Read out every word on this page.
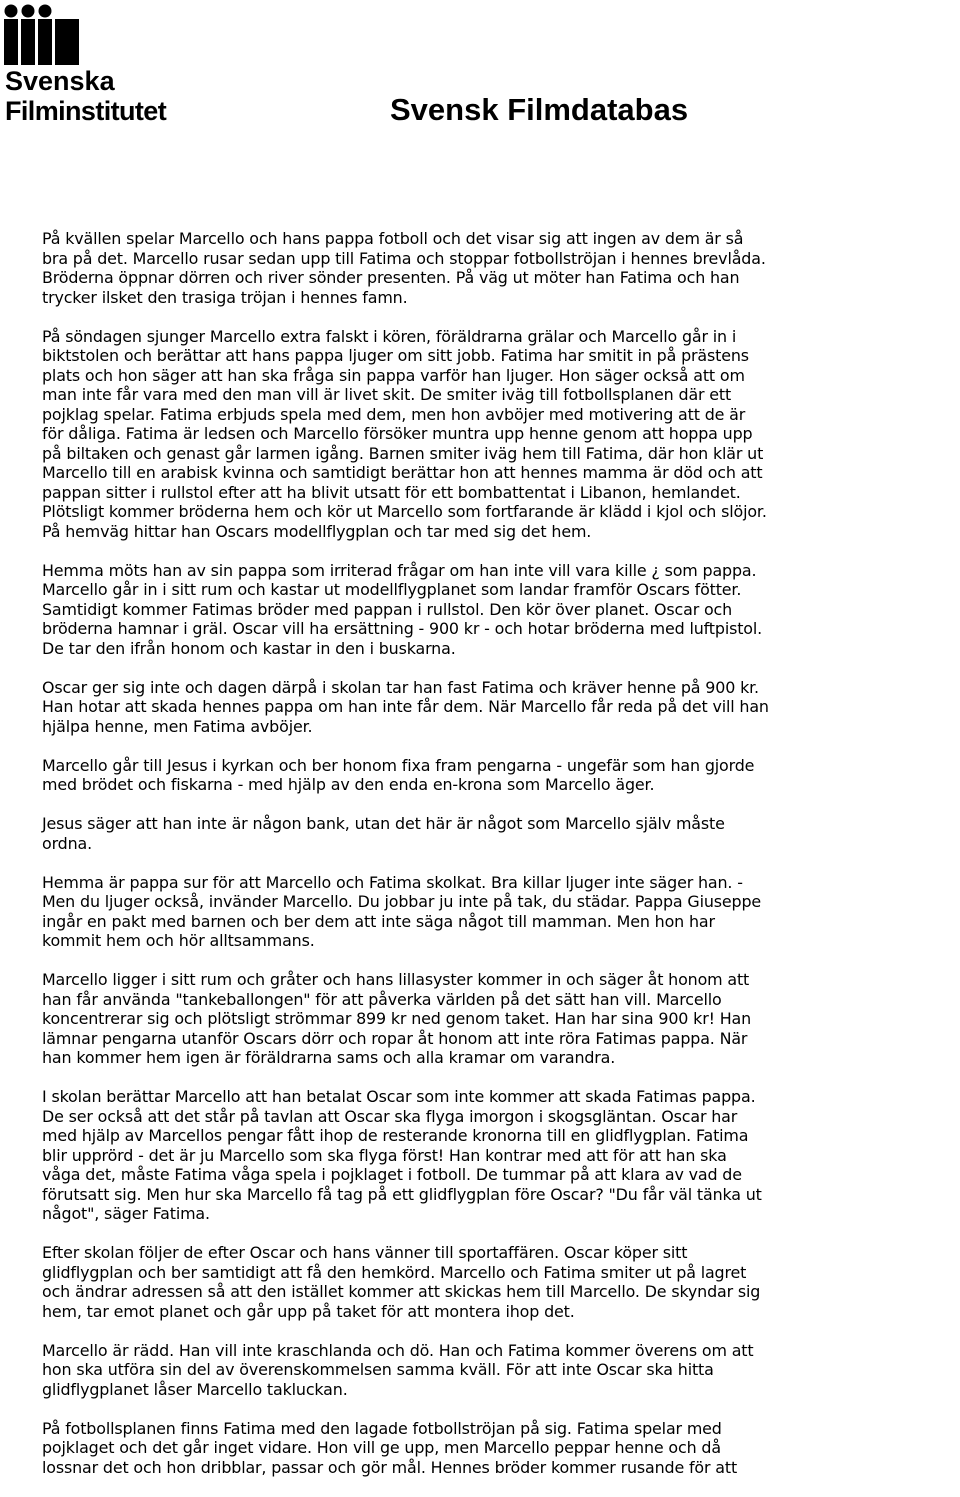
Svenska
Filminstitutet	Svensk Filmdatabas

På kvällen spelar Marcello och hans pappa fotboll och det visar sig att ingen av dem är så
bra på det. Marcello rusar sedan upp till Fatima och stoppar fotbollströjan i hennes brevlåda.
Bröderna öppnar dörren och river sönder presenten. På väg ut möter han Fatima och han
trycker ilsket den trasiga tröjan i hennes famn.

På söndagen sjunger Marcello extra falskt i kören, föräldrarna grälar och Marcello går in i
biktstolen och berättar att hans pappa ljuger om sitt jobb. Fatima har smitit in på prästens
plats och hon säger att han ska fråga sin pappa varför han ljuger. Hon säger också att om
man inte får vara med den man vill är livet skit. De smiter iväg till fotbollsplanen där ett
pojklag spelar. Fatima erbjuds spela med dem, men hon avböjer med motivering att de är
för dåliga. Fatima är ledsen och Marcello försöker muntra upp henne genom att hoppa upp
på biltaken och genast går larmen igång. Barnen smiter iväg hem till Fatima, där hon klär ut
Marcello till en arabisk kvinna och samtidigt berättar hon att hennes mamma är död och att
pappan sitter i rullstol efter att ha blivit utsatt för ett bombattentat i Libanon, hemlandet.
Plötsligt kommer bröderna hem och kör ut Marcello som fortfarande är klädd i kjol och slöjor.
På hemväg hittar han Oscars modellflygplan och tar med sig det hem.

Hemma möts han av sin pappa som irriterad frågar om han inte vill vara kille ¿ som pappa.
Marcello går in i sitt rum och kastar ut modellflygplanet som landar framför Oscars fötter.
Samtidigt kommer Fatimas bröder med pappan i rullstol. Den kör över planet. Oscar och
bröderna hamnar i gräl. Oscar vill ha ersättning - 900 kr - och hotar bröderna med luftpistol.
De tar den ifrån honom och kastar in den i buskarna.

Oscar ger sig inte och dagen därpå i skolan tar han fast Fatima och kräver henne på 900 kr.
Han hotar att skada hennes pappa om han inte får dem. När Marcello får reda på det vill han
hjälpa henne, men Fatima avböjer.

Marcello går till Jesus i kyrkan och ber honom fixa fram pengarna - ungefär som han gjorde
med brödet och fiskarna - med hjälp av den enda en-krona som Marcello äger.

Jesus säger att han inte är någon bank, utan det här är något som Marcello själv måste
ordna.

Hemma är pappa sur för att Marcello och Fatima skolkat. Bra killar ljuger inte säger han. -
Men du ljuger också, invänder Marcello. Du jobbar ju inte på tak, du städar. Pappa Giuseppe
ingår en pakt med barnen och ber dem att inte säga något till mamman. Men hon har
kommit hem och hör alltsammans.

Marcello ligger i sitt rum och gråter och hans lillasyster kommer in och säger åt honom att
han får använda "tankeballongen" för att påverka världen på det sätt han vill. Marcello
koncentrerar sig och plötsligt strömmar 899 kr ned genom taket. Han har sina 900 kr! Han
lämnar pengarna utanför Oscars dörr och ropar åt honom att inte röra Fatimas pappa. När
han kommer hem igen är föräldrarna sams och alla kramar om varandra.

I skolan berättar Marcello att han betalat Oscar som inte kommer att skada Fatimas pappa.
De ser också att det står på tavlan att Oscar ska flyga imorgon i skogsgläntan. Oscar har
med hjälp av Marcellos pengar fått ihop de resterande kronorna till en glidflygplan. Fatima
blir upprörd - det är ju Marcello som ska flyga först! Han kontrar med att för att han ska
våga det, måste Fatima våga spela i pojklaget i fotboll. De tummar på att klara av vad de
förutsatt sig. Men hur ska Marcello få tag på ett glidflygplan före Oscar? "Du får väl tänka ut
något", säger Fatima.

Efter skolan följer de efter Oscar och hans vänner till sportaffären. Oscar köper sitt
glidflygplan och ber samtidigt att få den hemkörd. Marcello och Fatima smiter ut på lagret
och ändrar adressen så att den istället kommer att skickas hem till Marcello. De skyndar sig
hem, tar emot planet och går upp på taket för att montera ihop det.

Marcello är rädd. Han vill inte kraschlanda och dö. Han och Fatima kommer överens om att
hon ska utföra sin del av överenskommelsen samma kväll. För att inte Oscar ska hitta
glidflygplanet låser Marcello takluckan.

På fotbollsplanen finns Fatima med den lagade fotbollströjan på sig. Fatima spelar med
pojklaget och det går inget vidare. Hon vill ge upp, men Marcello peppar henne och då
lossnar det och hon dribblar, passar och gör mål. Hennes bröder kommer rusande för att
